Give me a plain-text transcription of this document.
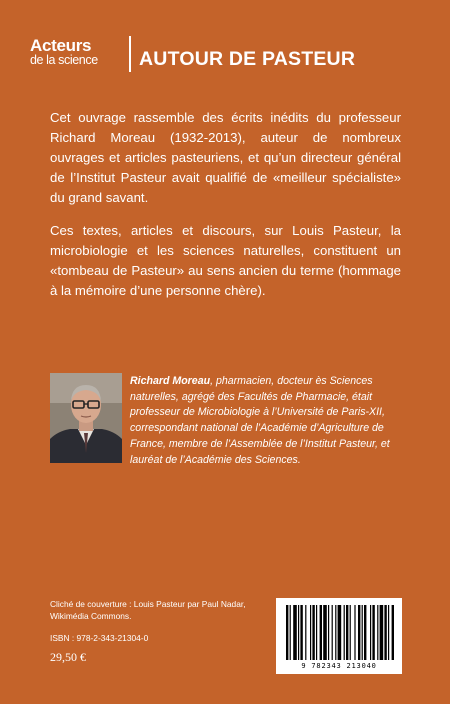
Acteurs
de la science AUTOUR DE PASTEUR

Cet ouvrage rassemble des écrits inédits du professeur Richard Moreau (1932-2013), auteur de nombreux ouvrages et articles pasteuriens, et qu’un directeur général de l’Institut Pasteur avait qualifié de «meilleur spécialiste» du grand savant.

Ces textes, articles et discours, sur Louis Pasteur, la microbiologie et les sciences naturelles, constituent un «tombeau de Pasteur» au sens ancien du terme (hommage à la mémoire d’une personne chère).

Richard Moreau, pharmacien, docteur ès Sciences naturelles, agrégé des Facultés de Pharmacie, était professeur de Microbiologie à l’Université de Paris-XII, correspondant national de l’Académie d’Agriculture de France, membre de l’Assemblée de l’Institut Pasteur, et lauréat de l’Académie des Sciences.

Cliché de couverture : Louis Pasteur par Paul Nadar, Wikimédia Commons.

ISBN : 978-2-343-21304-0
29,50 €
9 782343 213040
